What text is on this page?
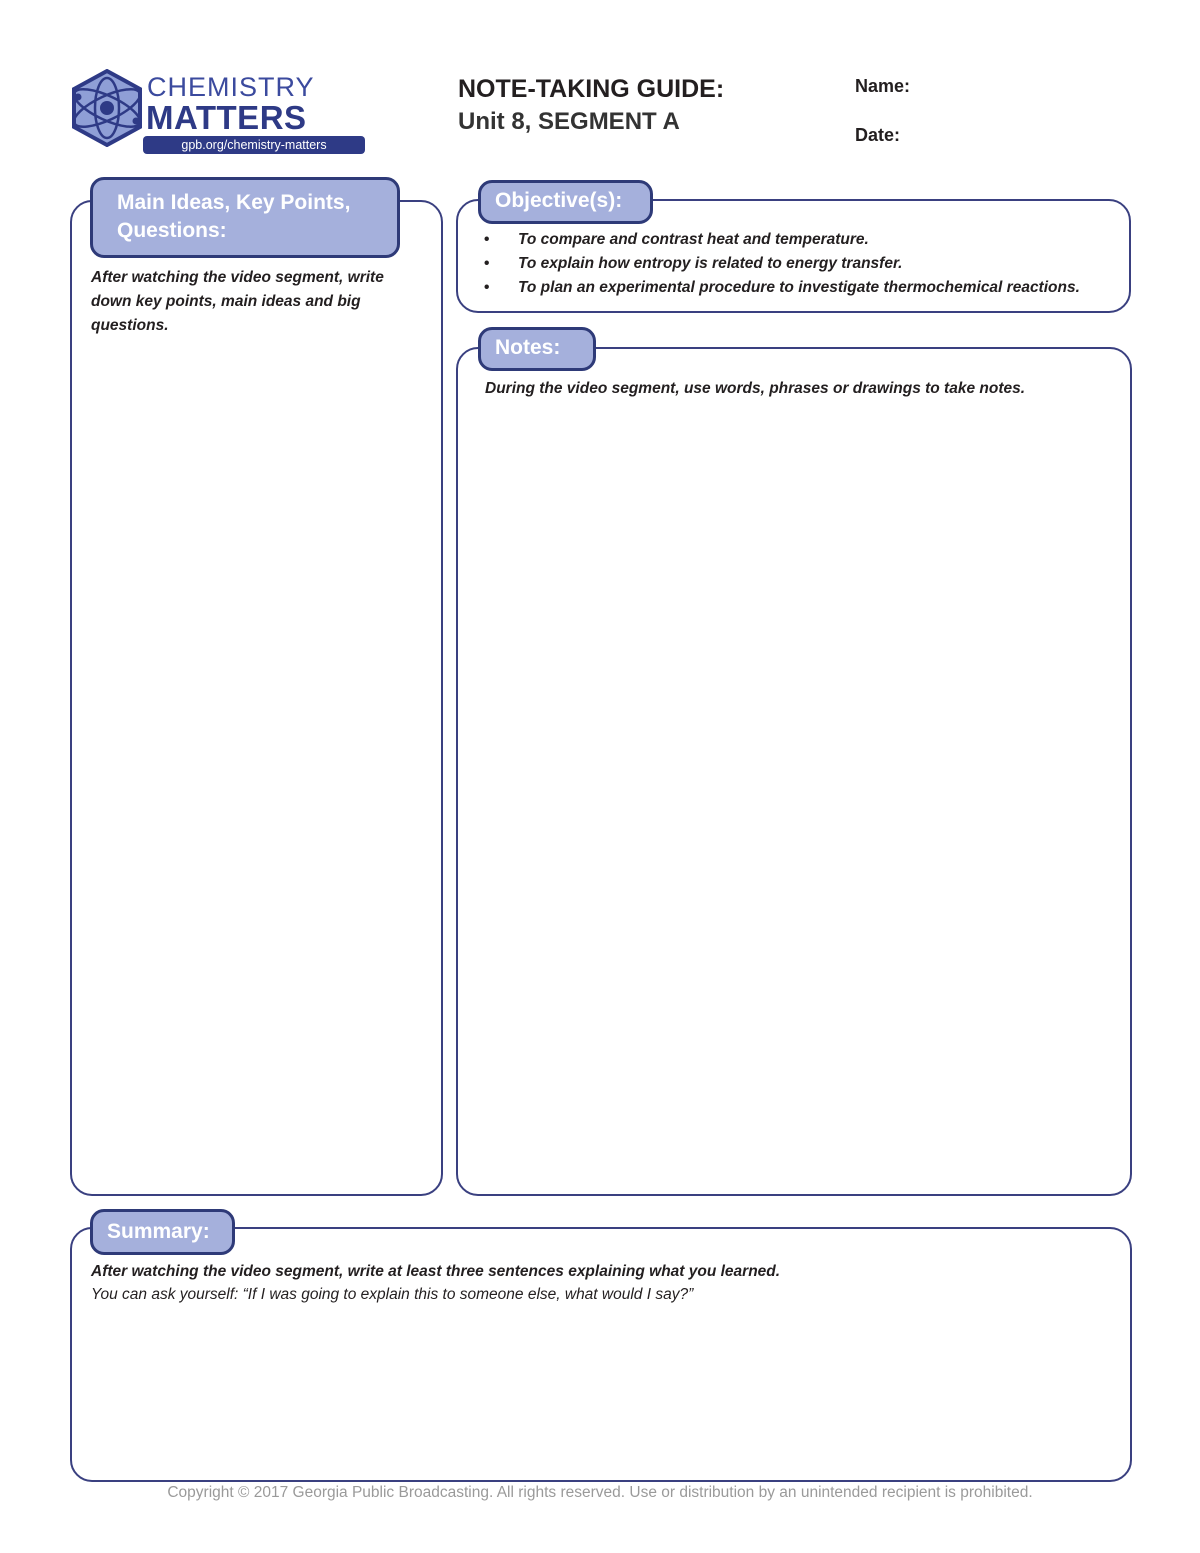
CHEMISTRY
MATTERS
gpb.org/chemistry-matters
NOTE-TAKING GUIDE:
Unit 8, SEGMENT A
Name:
Date:
Main Ideas, Key Points, Questions:
After watching the video segment, write down key points, main ideas and big questions.
Objective(s):
• To compare and contrast heat and temperature.
• To explain how entropy is related to energy transfer.
• To plan an experimental procedure to investigate thermochemical reactions.
Notes:
During the video segment, use words, phrases or drawings to take notes.
Summary:
After watching the video segment, write at least three sentences explaining what you learned.
You can ask yourself: “If I was going to explain this to someone else, what would I say?”
Copyright © 2017 Georgia Public Broadcasting. All rights reserved. Use or distribution by an unintended recipient is prohibited.
